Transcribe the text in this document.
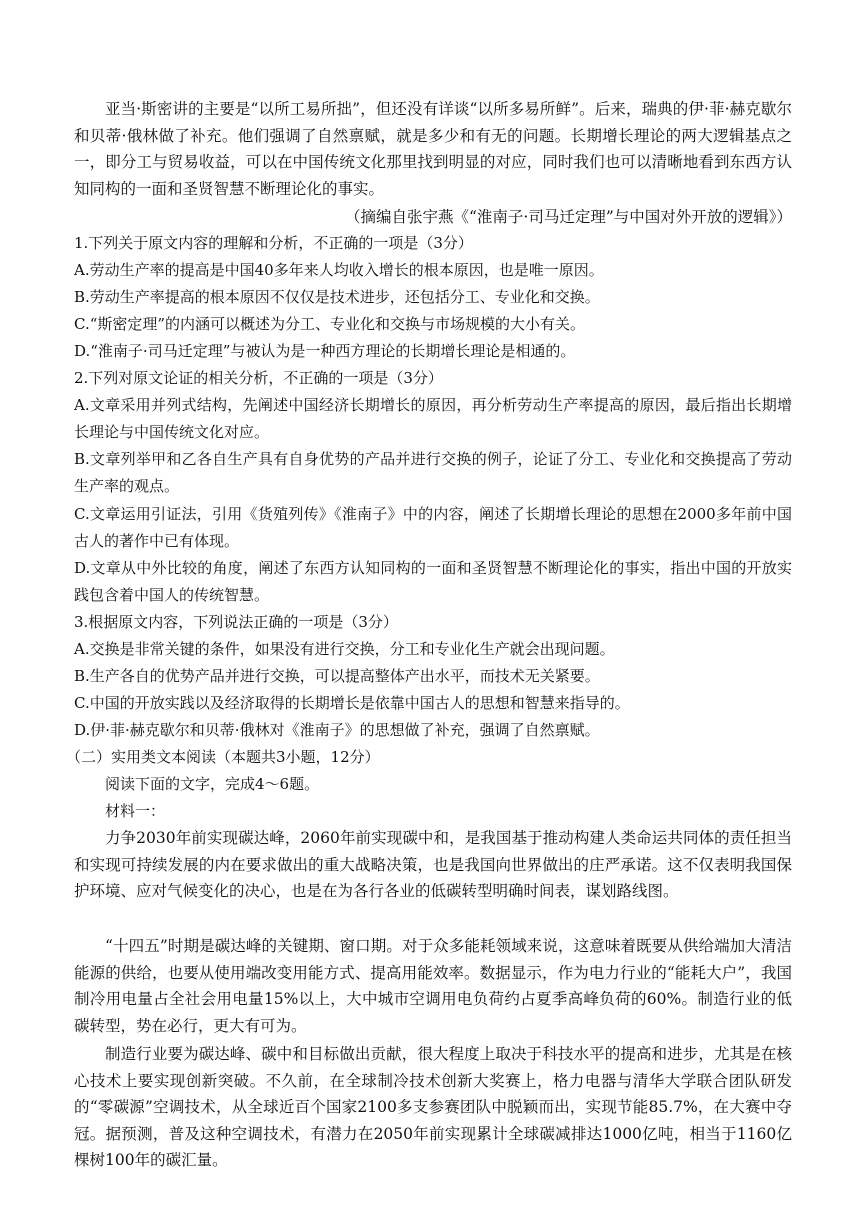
亚当·斯密讲的主要是“以所工易所拙”，但还没有详谈“以所多易所鲜”。后来，瑞典的伊·菲·赫克歇尔和贝蒂·俄林做了补充。他们强调了自然禀赋，就是多少和有无的问题。长期增长理论的两大逻辑基点之一，即分工与贸易收益，可以在中国传统文化那里找到明显的对应，同时我们也可以清晰地看到东西方认知同构的一面和圣贤智慧不断理论化的事实。
（摘编自张宇燕《“淮南子·司马迁定理”与中国对外开放的逻辑》）
1.下列关于原文内容的理解和分析，不正确的一项是（3分）
A.劳动生产率的提高是中国40多年来人均收入增长的根本原因，也是唯一原因。
B.劳动生产率提高的根本原因不仅仅是技术进步，还包括分工、专业化和交换。
C.“斯密定理”的内涵可以概述为分工、专业化和交换与市场规模的大小有关。
D.“淮南子·司马迁定理”与被认为是一种西方理论的长期增长理论是相通的。
2.下列对原文论证的相关分析，不正确的一项是（3分）
A.文章采用并列式结构，先阐述中国经济长期增长的原因，再分析劳动生产率提高的原因，最后指出长期增长理论与中国传统文化对应。
B.文章列举甲和乙各自生产具有自身优势的产品并进行交换的例子，论证了分工、专业化和交换提高了劳动生产率的观点。
C.文章运用引证法，引用《货殖列传》《淮南子》中的内容，阐述了长期增长理论的思想在2000多年前中国古人的著作中已有体现。
D.文章从中外比较的角度，阐述了东西方认知同构的一面和圣贤智慧不断理论化的事实，指出中国的开放实践包含着中国人的传统智慧。
3.根据原文内容，下列说法正确的一项是（3分）
A.交换是非常关键的条件，如果没有进行交换，分工和专业化生产就会出现问题。
B.生产各自的优势产品并进行交换，可以提高整体产出水平，而技术无关紧要。
C.中国的开放实践以及经济取得的长期增长是依靠中国古人的思想和智慧来指导的。
D.伊·菲·赫克歇尔和贝蒂·俄林对《淮南子》的思想做了补充，强调了自然禀赋。
（二）实用类文本阅读（本题共3小题，12分）
阅读下面的文字，完成4～6题。
材料一：
力争2030年前实现碳达峰，2060年前实现碳中和，是我国基于推动构建人类命运共同体的责任担当和实现可持续发展的内在要求做出的重大战略决策，也是我国向世界做出的庄严承诺。这不仅表明我国保护环境、应对气候变化的决心，也是在为各行各业的低碳转型明确时间表，谋划路线图。
“十四五”时期是碳达峰的关键期、窗口期。对于众多能耗领域来说，这意味着既要从供给端加大清洁能源的供给，也要从使用端改变用能方式、提高用能效率。数据显示，作为电力行业的“能耗大户”，我国制冷用电量占全社会用电量15%以上，大中城市空调用电负荷约占夏季高峰负荷的60%。制造行业的低碳转型，势在必行，更大有可为。
制造行业要为碳达峰、碳中和目标做出贡献，很大程度上取决于科技水平的提高和进步，尤其是在核心技术上要实现创新突破。不久前，在全球制冷技术创新大奖赛上，格力电器与清华大学联合团队研发的“零碳源”空调技术，从全球近百个国家2100多支参赛团队中脱颖而出，实现节能85.7%，在大赛中夺冠。据预测，普及这种空调技术，有潜力在2050年前实现累计全球碳减排达1000亿吨，相当于1160亿棵树100年的碳汇量。
